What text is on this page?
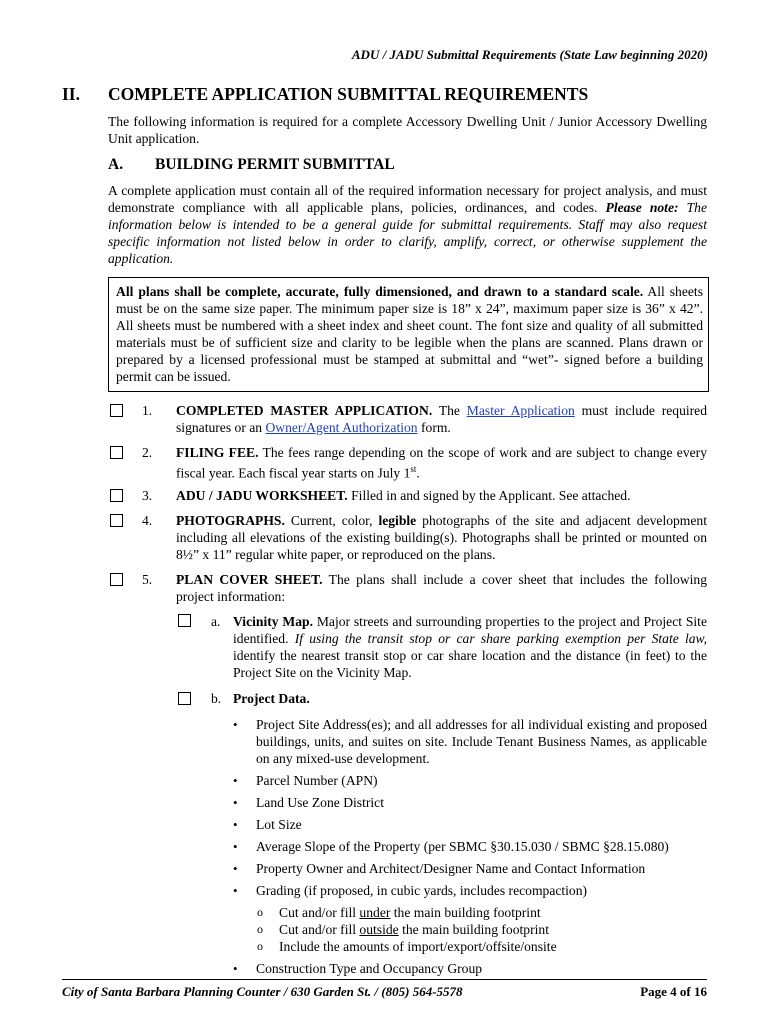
ADU / JADU Submittal Requirements (State Law beginning 2020)
II. COMPLETE APPLICATION SUBMITTAL REQUIREMENTS
The following information is required for a complete Accessory Dwelling Unit / Junior Accessory Dwelling Unit application.
A. BUILDING PERMIT SUBMITTAL
A complete application must contain all of the required information necessary for project analysis, and must demonstrate compliance with all applicable plans, policies, ordinances, and codes. Please note: The information below is intended to be a general guide for submittal requirements. Staff may also request specific information not listed below in order to clarify, amplify, correct, or otherwise supplement the application.
All plans shall be complete, accurate, fully dimensioned, and drawn to a standard scale. All sheets must be on the same size paper. The minimum paper size is 18” x 24”, maximum paper size is 36” x 42”. All sheets must be numbered with a sheet index and sheet count. The font size and quality of all submitted materials must be of sufficient size and clarity to be legible when the plans are scanned. Plans drawn or prepared by a licensed professional must be stamped at submittal and “wet”- signed before a building permit can be issued.
1.	COMPLETED MASTER APPLICATION. The Master Application must include required signatures or an Owner/Agent Authorization form.
2.	FILING FEE. The fees range depending on the scope of work and are subject to change every fiscal year. Each fiscal year starts on July 1st.
3.	ADU / JADU WORKSHEET. Filled in and signed by the Applicant. See attached.
4.	PHOTOGRAPHS. Current, color, legible photographs of the site and adjacent development including all elevations of the existing building(s). Photographs shall be printed or mounted on 8½” x 11” regular white paper, or reproduced on the plans.
5.	PLAN COVER SHEET. The plans shall include a cover sheet that includes the following project information:
a. Vicinity Map. Major streets and surrounding properties to the project and Project Site identified. If using the transit stop or car share parking exemption per State law, identify the nearest transit stop or car share location and the distance (in feet) to the Project Site on the Vicinity Map.
b. Project Data.
• Project Site Address(es); and all addresses for all individual existing and proposed buildings, units, and suites on site. Include Tenant Business Names, as applicable on any mixed-use development.
• Parcel Number (APN)
• Land Use Zone District
• Lot Size
• Average Slope of the Property (per SBMC §30.15.030 / SBMC §28.15.080)
• Property Owner and Architect/Designer Name and Contact Information
• Grading (if proposed, in cubic yards, includes recompaction)
o Cut and/or fill under the main building footprint
o Cut and/or fill outside the main building footprint
o Include the amounts of import/export/offsite/onsite
• Construction Type and Occupancy Group
City of Santa Barbara Planning Counter / 630 Garden St. / (805) 564-5578	Page 4 of 16
